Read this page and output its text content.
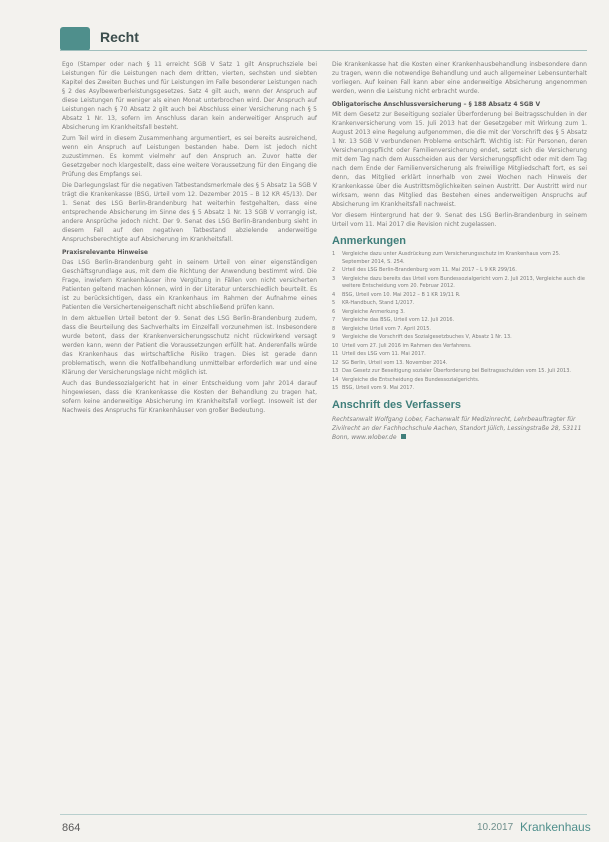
Recht

Ego (Stamper oder nach § 11 erreicht SGB V Satz 1 gilt Anspruchsziele bei Leistungen für die Leistungen nach dem dritten, vierten, sechsten und siebten Kapitel des Zweiten Buches und für Leistungen im Falle besonderer Leistungen nach § 2 des Asylbewerberleistungsgesetzes. Satz 4 gilt auch, wenn der Anspruch auf diese Leistungen für weniger als einen Monat unterbrochen wird. Der Anspruch auf Leistungen nach § 70 Absatz 2 gilt auch bei Abschluss einer Versicherung nach § 5 Absatz 1 Nr. 13, sofern im Anschluss daran kein anderweitiger Anspruch auf Absicherung im Krankheitsfall besteht.

Zum Teil wird in diesem Zusammenhang argumentiert, es sei bereits ausreichend, wenn ein Anspruch auf Leistungen bestanden habe. Dem ist jedoch nicht zuzustimmen. Es kommt vielmehr auf den Anspruch an. Zuvor hatte der Gesetzgeber noch klargestellt, dass eine weitere Voraussetzung für den Eingang die Prüfung des Empfangs sei.

Die Darlegungslast für die negativen Tatbestandsmerkmale des § 5 Absatz 1a SGB V trägt die Krankenkasse (BSG, Urteil vom 12. Dezember 2015 – B 12 KR 45/13). Der 1. Senat des LSG Berlin-Brandenburg hat weiterhin festgehalten, dass eine entsprechende Absicherung im Sinne des § 5 Absatz 1 Nr. 13 SGB V vorrangig ist, andere Ansprüche jedoch nicht. Der 9. Senat des LSG Berlin-Brandenburg sieht in diesem Fall auf den negativen Tatbestand abzielende anderweitige Anspruchsberechtigte auf Absicherung im Krankheitsfall.

Praxisrelevante Hinweise

Das LSG Berlin-Brandenburg geht in seinem Urteil von einer eigenständigen Geschäftsgrundlage aus, mit dem die Richtung der Anwendung bestimmt wird. Die Frage, inwiefern Krankenhäuser ihre Vergütung in Fällen von nicht versicherten Patienten geltend machen können, wird in der Literatur unterschiedlich beurteilt. Es ist zu berücksichtigen, dass ein Krankenhaus im Rahmen der Aufnahme eines Patienten die Versicherteneigenschaft nicht abschließend prüfen kann.

In dem aktuellen Urteil betont der 9. Senat des LSG Berlin-Brandenburg zudem, dass die Beurteilung des Sachverhalts im Einzelfall vorzunehmen ist. Insbesondere wurde betont, dass der Krankenversicherungsschutz nicht rückwirkend versagt werden kann, wenn der Patient die Voraussetzungen erfüllt hat. Anderenfalls würde das Krankenhaus das wirtschaftliche Risiko tragen. Dies ist gerade dann problematisch, wenn die Notfallbehandlung unmittelbar erforderlich war und eine Klärung der Versicherungslage nicht möglich ist.

Auch das Bundessozialgericht hat in einer Entscheidung vom Jahr 2014 darauf hingewiesen, dass die Krankenkasse die Kosten der Behandlung zu tragen hat, sofern keine anderweitige Absicherung im Krankheitsfall vorliegt. Insoweit ist der Nachweis des Anspruchs für Krankenhäuser von großer Bedeutung.

Die Krankenkasse hat die Kosten einer Krankenhausbehandlung insbesondere dann zu tragen, wenn die notwendige Behandlung und auch allgemeiner Lebensunterhalt vorliegen. Auf keinen Fall kann aber eine anderweitige Absicherung angenommen werden, wenn die Leistung nicht erbracht wurde.

Obligatorische Anschlussversicherung – § 188 Absatz 4 SGB V

Mit dem Gesetz zur Beseitigung sozialer Überforderung bei Beitragsschulden in der Krankenversicherung vom 15. Juli 2013 hat der Gesetzgeber mit Wirkung zum 1. August 2013 eine Regelung aufgenommen, die die mit der Vorschrift des § 5 Absatz 1 Nr. 13 SGB V verbundenen Probleme entschärft. Wichtig ist: Für Personen, deren Versicherungspflicht oder Familienversicherung endet, setzt sich die Versicherung mit dem Tag nach dem Ausscheiden aus der Versicherungspflicht oder mit dem Tag nach dem Ende der Familienversicherung als freiwillige Mitgliedschaft fort, es sei denn, das Mitglied erklärt innerhalb von zwei Wochen nach Hinweis der Krankenkasse über die Austrittsmöglichkeiten seinen Austritt. Der Austritt wird nur wirksam, wenn das Mitglied das Bestehen eines anderweitigen Anspruchs auf Absicherung im Krankheitsfall nachweist.

Vor diesem Hintergrund hat der 9. Senat des LSG Berlin-Brandenburg in seinem Urteil vom 11. Mai 2017 die Revision nicht zugelassen.

Anmerkungen
1	Vergleiche dazu unter Ausdrückung zum Versicherungsschutz im Krankenhaus vom 25. September 2014, S. 254.
2	Urteil des LSG Berlin-Brandenburg vom 11. Mai 2017 – L 9 KR 299/16.
3	Vergleiche dazu bereits das Urteil vom Bundessozialgericht vom 2. Juli 2013, Vergleiche auch die weitere Entscheidung vom 20. Februar 2012.
4	BSG, Urteil vom 10. Mai 2012 – B 1 KR 19/11 R.
5	KR-Handbuch, Stand 1/2017.
6	Vergleiche Anmerkung 3.
7	Vergleiche das BSG, Urteil vom 12. Juli 2016.
8	Vergleiche Urteil vom 7. April 2015.
9	Vergleiche die Vorschrift des Sozialgesetzbuches V, Absatz 1 Nr. 13.
10 Urteil vom 27. Juli 2016 im Rahmen des Verfahrens.
11 Urteil des LSG vom 11. Mai 2017.
12 SG Berlin, Urteil vom 13. November 2014.
13 Das Gesetz zur Beseitigung sozialer Überforderung bei Beitragsschulden vom 15. Juli 2013.
14 Vergleiche die Entscheidung des Bundessozialgerichts.
15 BSG, Urteil vom 9. Mai 2017.
Anschrift des Verfassers

Rechtsanwalt Wolfgang Lober, Fachanwalt für Medizinrecht, Lehrbeauftragter für Zivilrecht an der Fachhochschule Aachen, Standort Jülich, Lessingstraße 28, 53111 Bonn, www.wlober.de

864	10.2017 Krankenhaus
